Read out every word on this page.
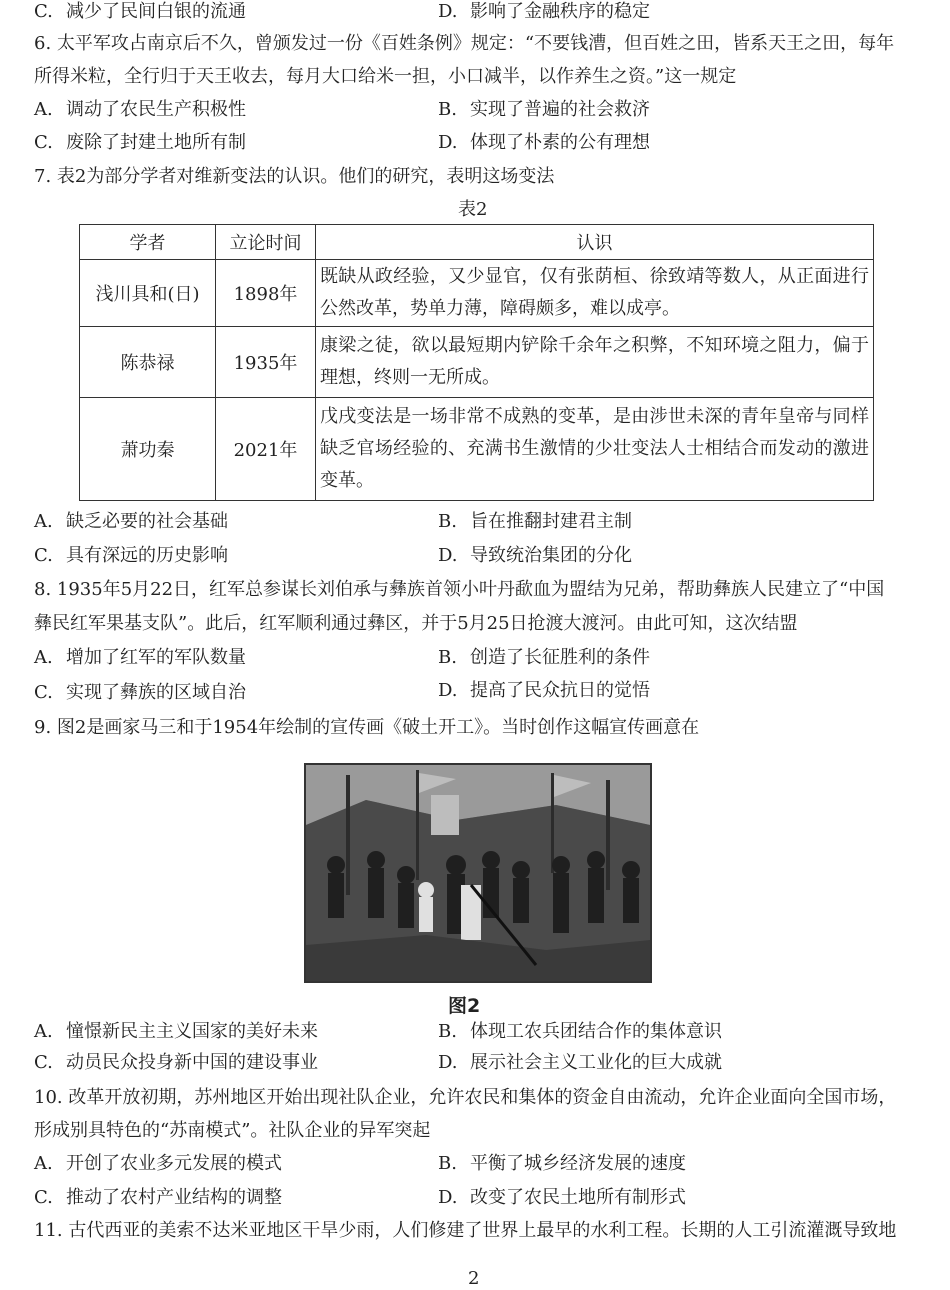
C. 减少了民间白银的流通	D. 影响了金融秩序的稳定
6. 太平军攻占南京后不久，曾颁发过一份《百姓条例》规定：“不要钱漕，但百姓之田，皆系天王之田，每年
所得米粒，全行归于天王收去，每月大口给米一担，小口减半，以作养生之资。”这一规定
A. 调动了农民生产积极性	B. 实现了普遍的社会救济
C. 废除了封建土地所有制	D. 体现了朴素的公有理想
7. 表2为部分学者对维新变法的认识。他们的研究，表明这场变法
表2
学者	立论时间	认识
浅川具和(日)	1898年	既缺从政经验，又少显官，仅有张荫桓、徐致靖等数人，从正面进行公然改革，势单力薄，障碍颇多，难以成亭。
陈恭禄	1935年	康梁之徒，欲以最短期内铲除千余年之积弊，不知环境之阻力，偏于理想，终则一无所成。
萧功秦	2021年	戊戌变法是一场非常不成熟的变革，是由涉世未深的青年皇帝与同样缺乏官场经验的、充满书生激情的少壮变法人士相结合而发动的激进变革。
A. 缺乏必要的社会基础	B. 旨在推翻封建君主制
C. 具有深远的历史影响	D. 导致统治集团的分化
8. 1935年5月22日，红军总参谋长刘伯承与彝族首领小叶丹歃血为盟结为兄弟，帮助彝族人民建立了“中国
彝民红军果基支队”。此后，红军顺利通过彝区，并于5月25日抢渡大渡河。由此可知，这次结盟
A. 增加了红军的军队数量	B. 创造了长征胜利的条件
C. 实现了彝族的区域自治	D. 提高了民众抗日的觉悟
9. 图2是画家马三和于1954年绘制的宣传画《破土开工》。当时创作这幅宣传画意在
图2
A. 憧憬新民主主义国家的美好未来	B. 体现工农兵团结合作的集体意识
C. 动员民众投身新中国的建设事业	D. 展示社会主义工业化的巨大成就
10. 改革开放初期，苏州地区开始出现社队企业，允许农民和集体的资金自由流动，允许企业面向全国市场，
形成别具特色的“苏南模式”。社队企业的异军突起
A. 开创了农业多元发展的模式	B. 平衡了城乡经济发展的速度
C. 推动了农村产业结构的调整	D. 改变了农民土地所有制形式
11. 古代西亚的美索不达米亚地区干旱少雨，人们修建了世界上最早的水利工程。长期的人工引流灌溉导致地
2
